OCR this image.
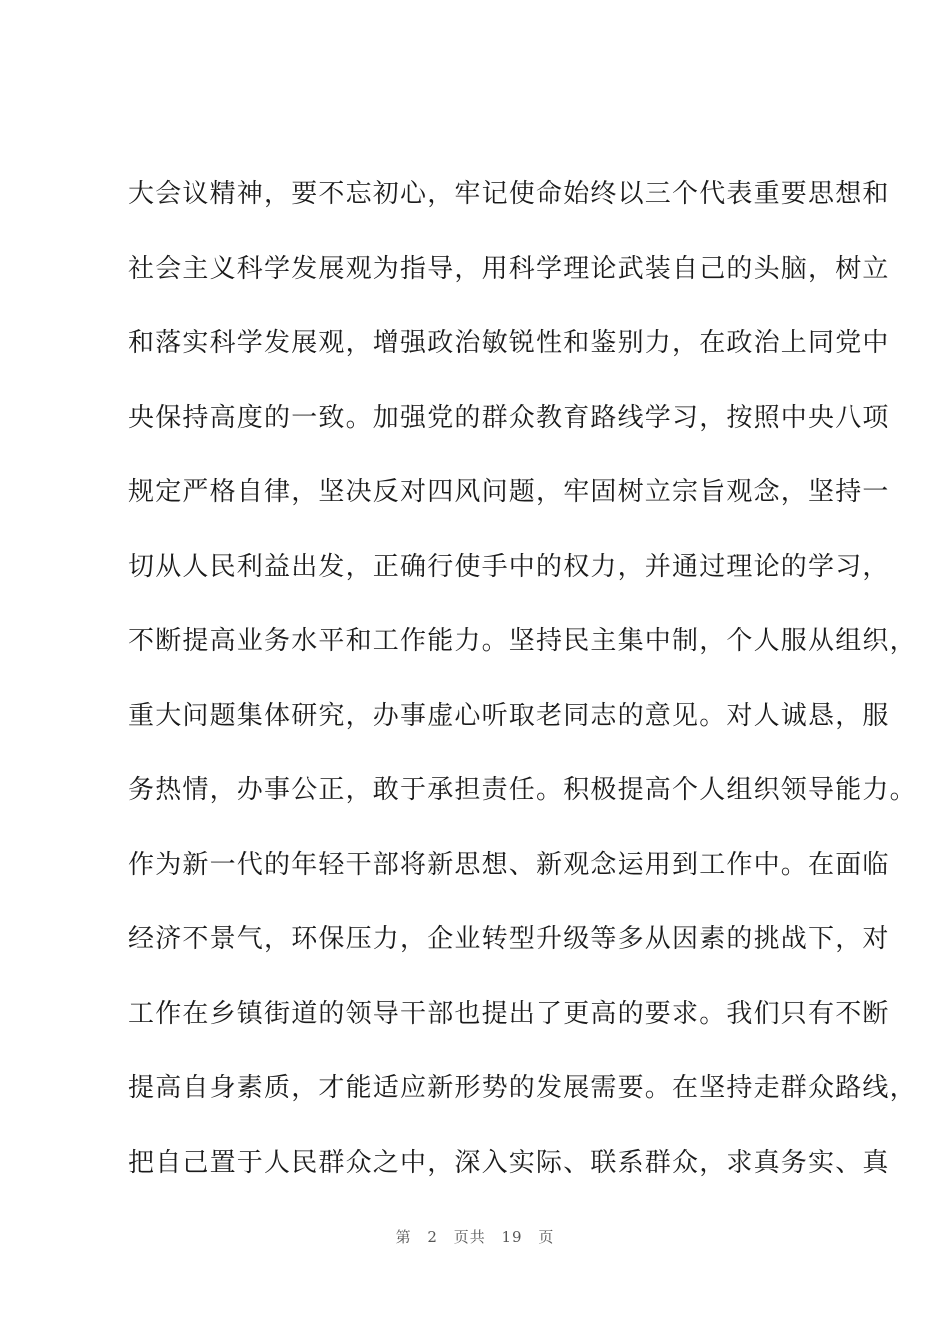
大会议精神，要不忘初心，牢记使命始终以三个代表重要思想和
社会主义科学发展观为指导，用科学理论武装自己的头脑，树立
和落实科学发展观，增强政治敏锐性和鉴别力，在政治上同党中
央保持高度的一致。加强党的群众教育路线学习，按照中央八项
规定严格自律，坚决反对四风问题，牢固树立宗旨观念，坚持一
切从人民利益出发，正确行使手中的权力，并通过理论的学习，
不断提高业务水平和工作能力。坚持民主集中制，个人服从组织，
重大问题集体研究，办事虚心听取老同志的意见。对人诚恳，服
务热情，办事公正，敢于承担责任。积极提高个人组织领导能力。
作为新一代的年轻干部将新思想、新观念运用到工作中。在面临
经济不景气，环保压力，企业转型升级等多从因素的挑战下，对
工作在乡镇街道的领导干部也提出了更高的要求。我们只有不断
提高自身素质，才能适应新形势的发展需要。在坚持走群众路线，
把自己置于人民群众之中，深入实际、联系群众，求真务实、真
第 2 页共 19 页
